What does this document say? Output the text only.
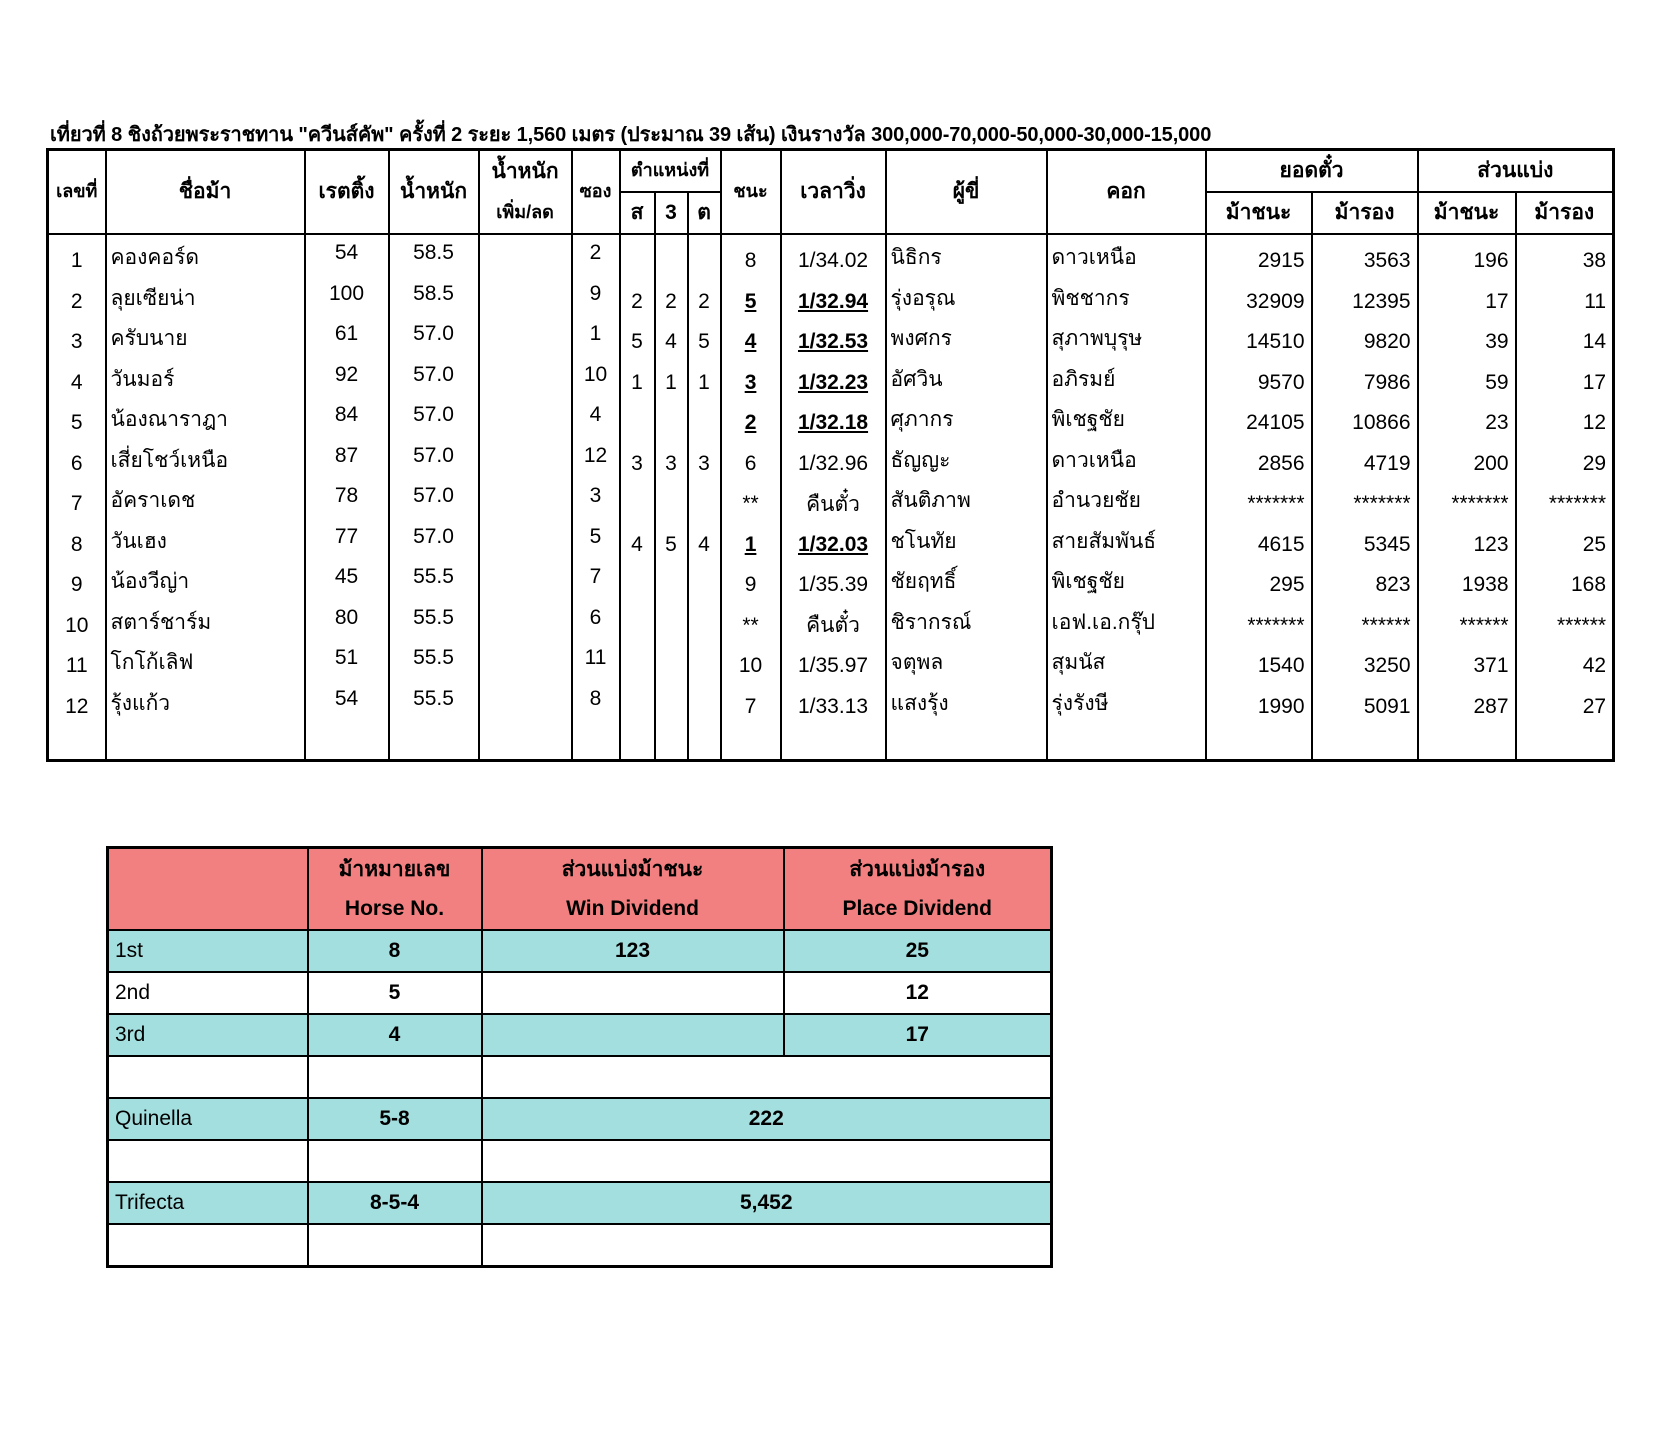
เที่ยวที่ 8 ชิงถ้วยพระราชทาน "ควีนส์คัพ" ครั้งที่ 2 ระยะ 1,560 เมตร (ประมาณ 39 เส้น) เงินรางวัล 300,000-70,000-50,000-30,000-15,000
เลขที่	ชื่อม้า	เรตติ้ง	น้ำหนัก	น้ำหนัก	ซอง	ตำแหน่งที่			ชนะ	เวลาวิ่ง	ผู้ขี่	คอก	ยอดตั๋ว		ส่วนแบ่ง	
				เพิ่ม/ลด		ส	3	ต					ม้าชนะ	ม้ารอง	ม้าชนะ	ม้ารอง
1	คองคอร์ด	54	58.5		2				8	1/34.02	นิธิกร	ดาวเหนือ	2915	3563	196	38
2	ลุยเซียน่า	100	58.5		9	2	2	2	5	1/32.94	รุ่งอรุณ	พิชชากร	32909	12395	17	11
3	ครับนาย	61	57.0		1	5	4	5	4	1/32.53	พงศกร	สุภาพบุรุษ	14510	9820	39	14
4	วันมอร์	92	57.0		10	1	1	1	3	1/32.23	อัศวิน	อภิรมย์	9570	7986	59	17
5	น้องณาราฎา	84	57.0		4				2	1/32.18	ศุภากร	พิเชฐชัย	24105	10866	23	12
6	เสี่ยโชว์เหนือ	87	57.0		12	3	3	3	6	1/32.96	ธัญญะ	ดาวเหนือ	2856	4719	200	29
7	อัคราเดช	78	57.0		3				**	คืนตั๋ว	สันติภาพ	อำนวยชัย	*******	*******	*******	*******
8	วันเฮง	77	57.0		5	4	5	4	1	1/32.03	ชโนทัย	สายสัมพันธ์	4615	5345	123	25
9	น้องวีญ่า	45	55.5		7				9	1/35.39	ชัยฤทธิ์	พิเชฐชัย	295	823	1938	168
10	สตาร์ชาร์ม	80	55.5		6				**	คืนตั๋ว	ชิรากรณ์	เอฟ.เอ.กรุ๊ป	*******	******	******	******
11	โกโก้เลิฟ	51	55.5		11				10	1/35.97	จตุพล	สุมนัส	1540	3250	371	42
12	รุ้งแก้ว	54	55.5		8				7	1/33.13	แสงรุ้ง	รุ่งรังษี	1990	5091	287	27

	ม้าหมายเลข	ส่วนแบ่งม้าชนะ	ส่วนแบ่งม้ารอง
	Horse No.	Win Dividend	Place Dividend
1st	8	123	25
2nd	5		12
3rd	4		17

Quinella	5-8	222	

Trifecta	8-5-4	5,452	
